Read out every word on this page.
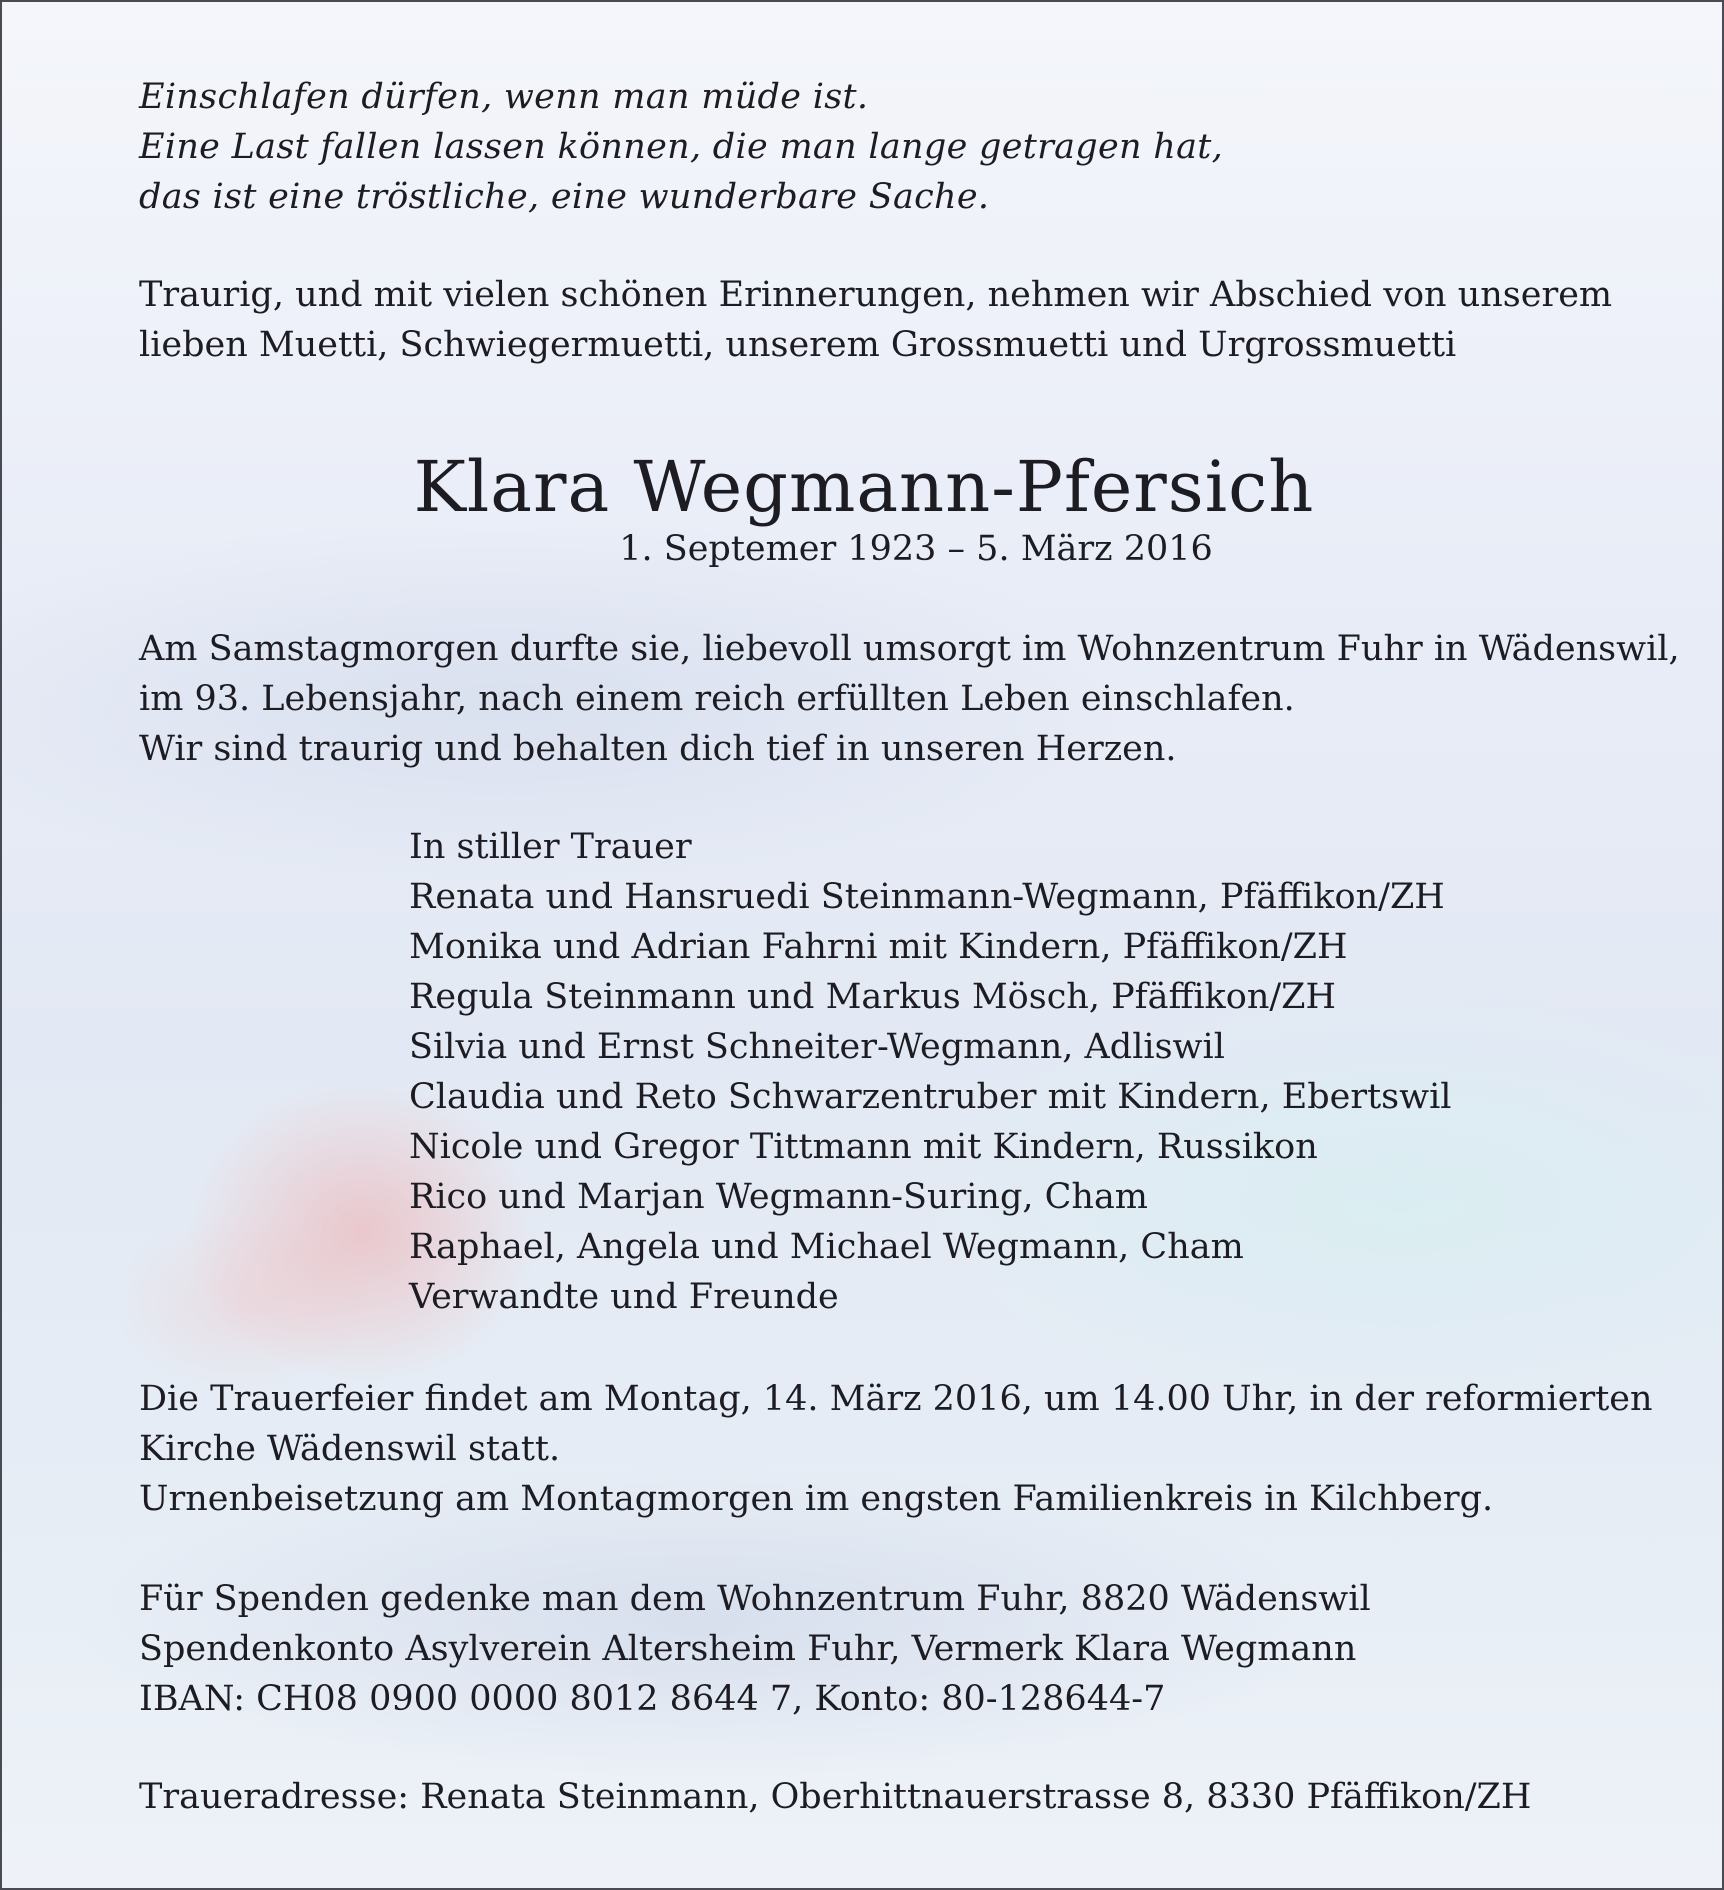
Einschlafen dürfen, wenn man müde ist.
Eine Last fallen lassen können, die man lange getragen hat,
das ist eine tröstliche, eine wunderbare Sache.
Traurig, und mit vielen schönen Erinnerungen, nehmen wir Abschied von unserem
lieben Muetti, Schwiegermuetti, unserem Grossmuetti und Urgrossmuetti
Klara Wegmann-Pfersich
1. Septemer 1923 – 5. März 2016
Am Samstagmorgen durfte sie, liebevoll umsorgt im Wohnzentrum Fuhr in Wädenswil,
im 93. Lebensjahr, nach einem reich erfüllten Leben einschlafen.
Wir sind traurig und behalten dich tief in unseren Herzen.
In stiller Trauer
Renata und Hansruedi Steinmann-Wegmann, Pfäffikon/ZH
Monika und Adrian Fahrni mit Kindern, Pfäffikon/ZH
Regula Steinmann und Markus Mösch, Pfäffikon/ZH
Silvia und Ernst Schneiter-Wegmann, Adliswil
Claudia und Reto Schwarzentruber mit Kindern, Ebertswil
Nicole und Gregor Tittmann mit Kindern, Russikon
Rico und Marjan Wegmann-Suring, Cham
Raphael, Angela und Michael Wegmann, Cham
Verwandte und Freunde
Die Trauerfeier findet am Montag, 14. März 2016, um 14.00 Uhr, in der reformierten
Kirche Wädenswil statt.
Urnenbeisetzung am Montagmorgen im engsten Familienkreis in Kilchberg.
Für Spenden gedenke man dem Wohnzentrum Fuhr, 8820 Wädenswil
Spendenkonto Asylverein Altersheim Fuhr, Vermerk Klara Wegmann
IBAN: CH08 0900 0000 8012 8644 7, Konto: 80-128644-7
Traueradresse: Renata Steinmann, Oberhittnauerstrasse 8, 8330 Pfäffikon/ZH
